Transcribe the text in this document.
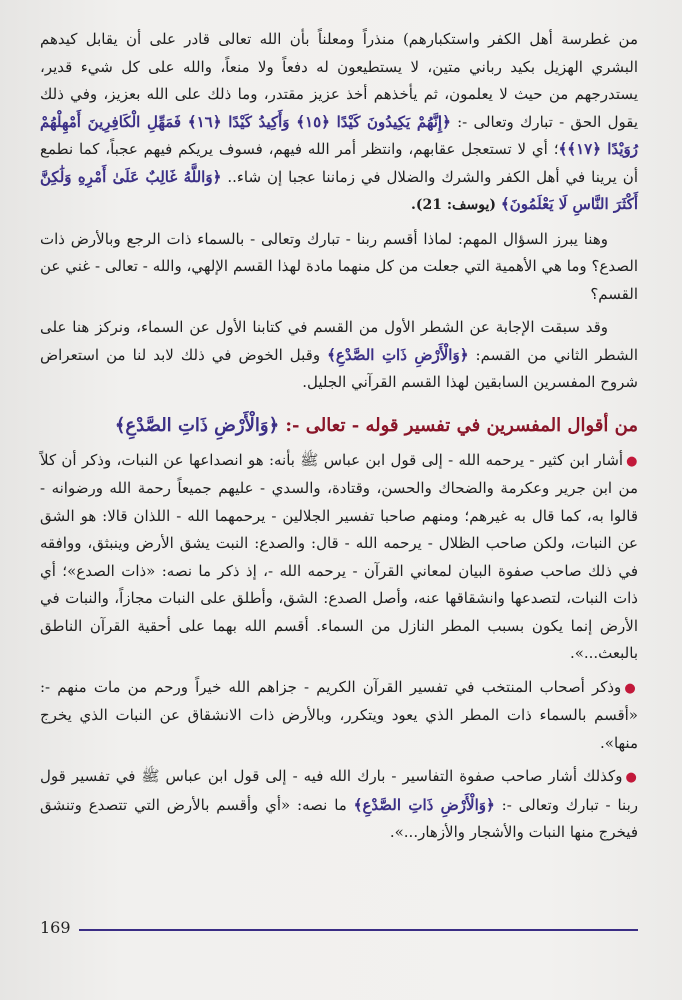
من غطرسة أهل الكفر واستكبارهم) منذراً ومعلناً بأن الله تعالى قادر على أن يقابل كيدهم البشري الهزيل بكيد رباني متين، لا يستطيعون له دفعاً ولا منعاً، والله على كل شيء قدير، يستدرجهم من حيث لا يعلمون، ثم يأخذهم أخذ عزيز مقتدر، وما ذلك على الله بعزيز، وفي ذلك يقول الحق - تبارك وتعالى -: ﴿إِنَّهُمْ يَكِيدُونَ كَيْدًا ﴿١٥﴾ وَأَكِيدُ كَيْدًا ﴿١٦﴾ فَمَهِّلِ الْكَافِرِينَ أَمْهِلْهُمْ رُوَيْدًا ﴿١٧﴾﴾؛ أي لا تستعجل عقابهم، وانتظر أمر الله فيهم، فسوف يريكم فيهم عجباً، كما نطمع أن يرينا في أهل الكفر والشرك والضلال في زماننا عجبا إن شاء.. ﴿وَاللَّهُ غَالِبٌ عَلَىٰ أَمْرِهِ وَلَٰكِنَّ أَكْثَرَ النَّاسِ لَا يَعْلَمُونَ﴾ (يوسف: 21).

وهنا يبرز السؤال المهم: لماذا أقسم ربنا - تبارك وتعالى - بالسماء ذات الرجع وبالأرض ذات الصدع؟ وما هي الأهمية التي جعلت من كل منهما مادة لهذا القسم الإلهي، والله - تعالى - غني عن القسم؟

وقد سبقت الإجابة عن الشطر الأول من القسم في كتابنا الأول عن السماء، ونركز هنا على الشطر الثاني من القسم: ﴿وَالْأَرْضِ ذَاتِ الصَّدْعِ﴾ وقبل الخوض في ذلك لابد لنا من استعراض شروح المفسرين السابقين لهذا القسم القرآني الجليل.

من أقوال المفسرين في تفسير قوله - تعالى -: ﴿وَالْأَرْضِ ذَاتِ الصَّدْعِ﴾

●أشار ابن كثير - يرحمه الله - إلى قول ابن عباس ﷺ بأنه: هو انصداعها عن النبات، وذكر أن كلاً من ابن جرير وعكرمة والضحاك والحسن، وقتادة، والسدي - عليهم جميعاً رحمة الله ورضوانه - قالوا به، كما قال به غيرهم؛ ومنهم صاحبا تفسير الجلالين - يرحمهما الله - اللذان قالا: هو الشق عن النبات، ولكن صاحب الظلال - يرحمه الله - قال: والصدع: النبت يشق الأرض وينبثق، ووافقه في ذلك صاحب صفوة البيان لمعاني القرآن - يرحمه الله -، إذ ذكر ما نصه: «ذات الصدع»؛ أي ذات النبات، لتصدعها وانشقاقها عنه، وأصل الصدع: الشق، وأطلق على النبات مجازاً، والنبات في الأرض إنما يكون بسبب المطر النازل من السماء. أقسم الله بهما على أحقية القرآن الناطق بالبعث...».

●وذكر أصحاب المنتخب في تفسير القرآن الكريم - جزاهم الله خيراً ورحم من مات منهم -: «أقسم بالسماء ذات المطر الذي يعود ويتكرر، وبالأرض ذات الانشقاق عن النبات الذي يخرج منها».

●وكذلك أشار صاحب صفوة التفاسير - بارك الله فيه - إلى قول ابن عباس ﷺ في تفسير قول ربنا - تبارك وتعالى -: ﴿وَالْأَرْضِ ذَاتِ الصَّدْعِ﴾ ما نصه: «أي وأقسم بالأرض التي تتصدع وتنشق فيخرج منها النبات والأشجار والأزهار...».

169
